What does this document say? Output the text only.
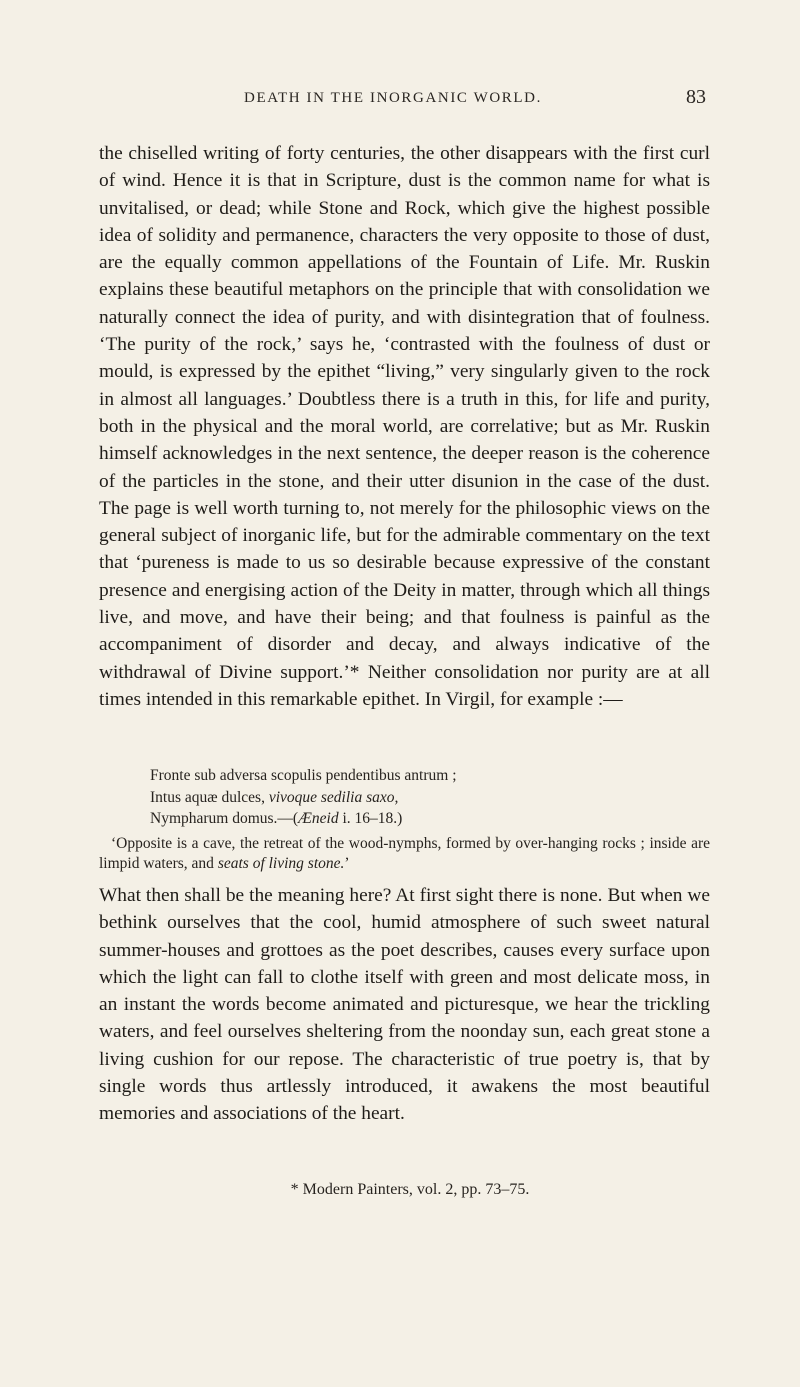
DEATH IN THE INORGANIC WORLD.	83

the chiselled writing of forty centuries, the other disappears with the first curl of wind. Hence it is that in Scripture, dust is the common name for what is unvitalised, or dead; while Stone and Rock, which give the highest possible idea of solidity and permanence, characters the very opposite to those of dust, are the equally common appellations of the Fountain of Life. Mr. Ruskin explains these beautiful metaphors on the principle that with consolidation we naturally connect the idea of purity, and with disintegration that of foulness. ‘The purity of the rock,’ says he, ‘contrasted with the foulness of dust or mould, is expressed by the epithet “living,” very singularly given to the rock in almost all languages.’ Doubtless there is a truth in this, for life and purity, both in the physical and the moral world, are correlative; but as Mr. Ruskin himself acknowledges in the next sentence, the deeper reason is the coherence of the particles in the stone, and their utter disunion in the case of the dust. The page is well worth turning to, not merely for the philosophic views on the general subject of inorganic life, but for the admirable commentary on the text that ‘pureness is made to us so desirable because expressive of the constant presence and energising action of the Deity in matter, through which all things live, and move, and have their being; and that foulness is painful as the accompaniment of disorder and decay, and always indicative of the withdrawal of Divine support.’* Neither consolidation nor purity are at all times intended in this remarkable epithet. In Virgil, for example :—

Fronte sub adversa scopulis pendentibus antrum ;
Intus aquæ dulces, vivoque sedilia saxo,
Nympharum domus.—(Æneid i. 16–18.)
‘Opposite is a cave, the retreat of the wood-nymphs, formed by over-hanging rocks ; inside are limpid waters, and seats of living stone.’

What then shall be the meaning here? At first sight there is none. But when we bethink ourselves that the cool, humid atmosphere of such sweet natural summer-houses and grottoes as the poet describes, causes every surface upon which the light can fall to clothe itself with green and most delicate moss, in an instant the words become animated and picturesque, we hear the trickling waters, and feel ourselves sheltering from the noonday sun, each great stone a living cushion for our repose. The characteristic of true poetry is, that by single words thus artlessly introduced, it awakens the most beautiful memories and associations of the heart.

* Modern Painters, vol. 2, pp. 73–75.
